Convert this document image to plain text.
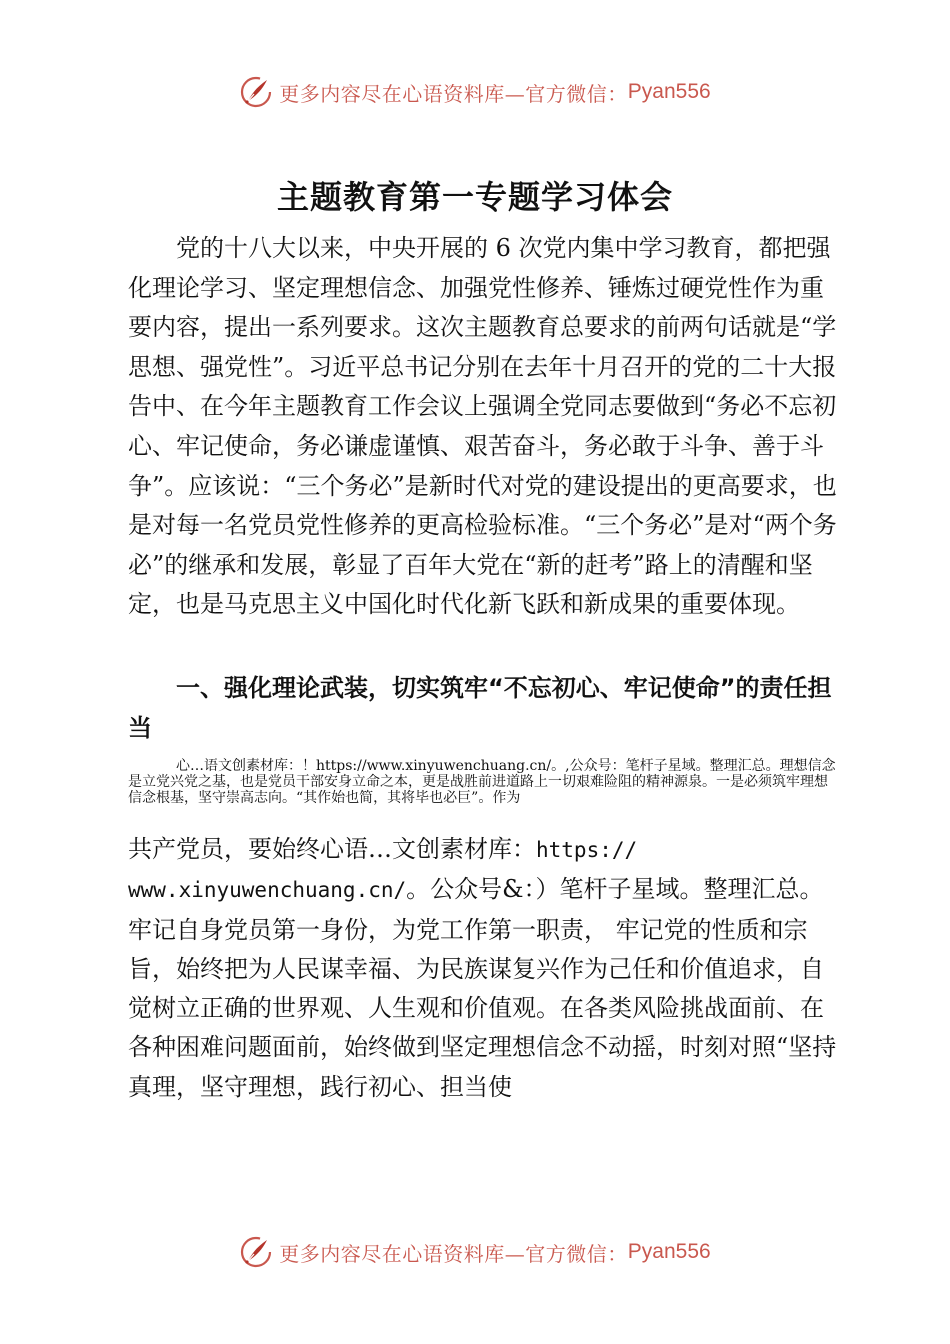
更多内容尽在心语资料库—官方微信： Pyan556
主题教育第一专题学习体会

党的十八大以来，中央开展的 6 次党内集中学习教育，都把强化理论学习、坚定理想信念、加强党性修养、锤炼过硬党性作为重要内容，提出一系列要求。这次主题教育总要求的前两句话就是“学思想、强党性”。习近平总书记分别在去年十月召开的党的二十大报告中、在今年主题教育工作会议上强调全党同志要做到“务必不忘初心、牢记使命，务必谦虚谨慎、艰苦奋斗，务必敢于斗争、善于斗争”。应该说：“三个务必”是新时代对党的建设提出的更高要求，也是对每一名党员党性修养的更高检验标准。“三个务必”是对“两个务必”的继承和发展，彰显了百年大党在“新的赶考”路上的清醒和坚定，也是马克思主义中国化时代化新飞跃和新成果的重要体现。

一、强化理论武装，切实筑牢“不忘初心、牢记使命”的责任担当

心…语文创素材库：！https://www.xinyuwenchuang.cn/。,公众号：笔杆子星域。整理汇总。理想信念是立党兴党之基，也是党员干部安身立命之本，更是战胜前进道路上一切艰难险阻的精神源泉。一是必须筑牢理想信念根基，坚守崇高志向。“其作始也简，其将毕也必巨”。作为

共产党员，要始终心语…文创素材库：https://
www.xinyuwenchuang.cn/。公众号&：）笔杆子星域。整理汇总。牢记自身党员第一身份，为党工作第一职责， 牢记党的性质和宗旨，始终把为人民谋幸福、为民族谋复兴作为己任和价值追求，自觉树立正确的世界观、人生观和价值观。在各类风险挑战面前、在各种困难问题面前，始终做到坚定理想信念不动摇，时刻对照“坚持真理，坚守理想，践行初心、担当使

更多内容尽在心语资料库—官方微信： Pyan556
